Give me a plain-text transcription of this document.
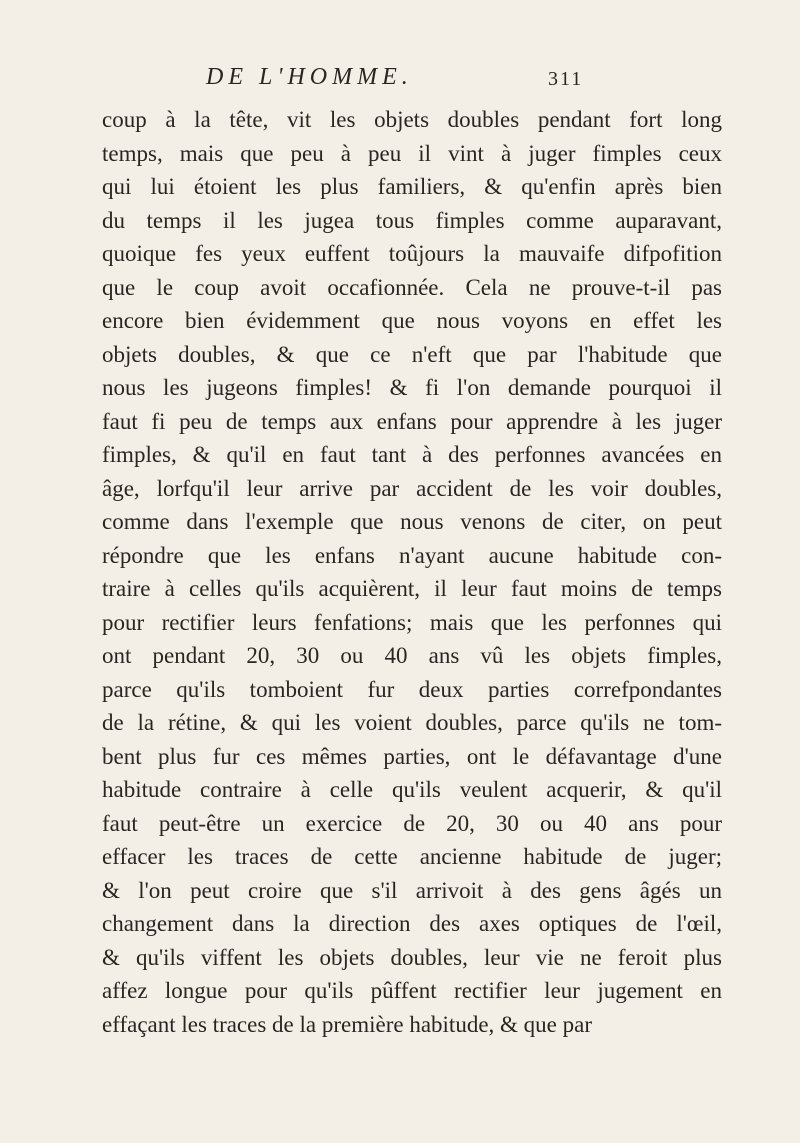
DE L'HOMME.	311
coup à la tête, vit les objets doubles pendant fort long
temps, mais que peu à peu il vint à juger fimples ceux
qui lui étoient les plus familiers, & qu'enfin après bien
du temps il les jugea tous fimples comme auparavant,
quoique fes yeux euffent toûjours la mauvaife difpofition
que le coup avoit occafionnée. Cela ne prouve-t-il pas
encore bien évidemment que nous voyons en effet les
objets doubles, & que ce n'eft que par l'habitude que
nous les jugeons fimples! & fi l'on demande pourquoi il
faut fi peu de temps aux enfans pour apprendre à les juger
fimples, & qu'il en faut tant à des perfonnes avancées en
âge, lorfqu'il leur arrive par accident de les voir doubles,
comme dans l'exemple que nous venons de citer, on peut
répondre que les enfans n'ayant aucune habitude con-
traire à celles qu'ils acquièrent, il leur faut moins de temps
pour rectifier leurs fenfations; mais que les perfonnes qui
ont pendant 20, 30 ou 40 ans vû les objets fimples,
parce qu'ils tomboient fur deux parties correfpondantes
de la rétine, & qui les voient doubles, parce qu'ils ne tom-
bent plus fur ces mêmes parties, ont le défavantage d'une
habitude contraire à celle qu'ils veulent acquerir, & qu'il
faut peut-être un exercice de 20, 30 ou 40 ans pour
effacer les traces de cette ancienne habitude de juger;
& l'on peut croire que s'il arrivoit à des gens âgés un
changement dans la direction des axes optiques de l'œil,
& qu'ils viffent les objets doubles, leur vie ne feroit plus
affez longue pour qu'ils pûffent rectifier leur jugement en
effaçant les traces de la première habitude, & que par
